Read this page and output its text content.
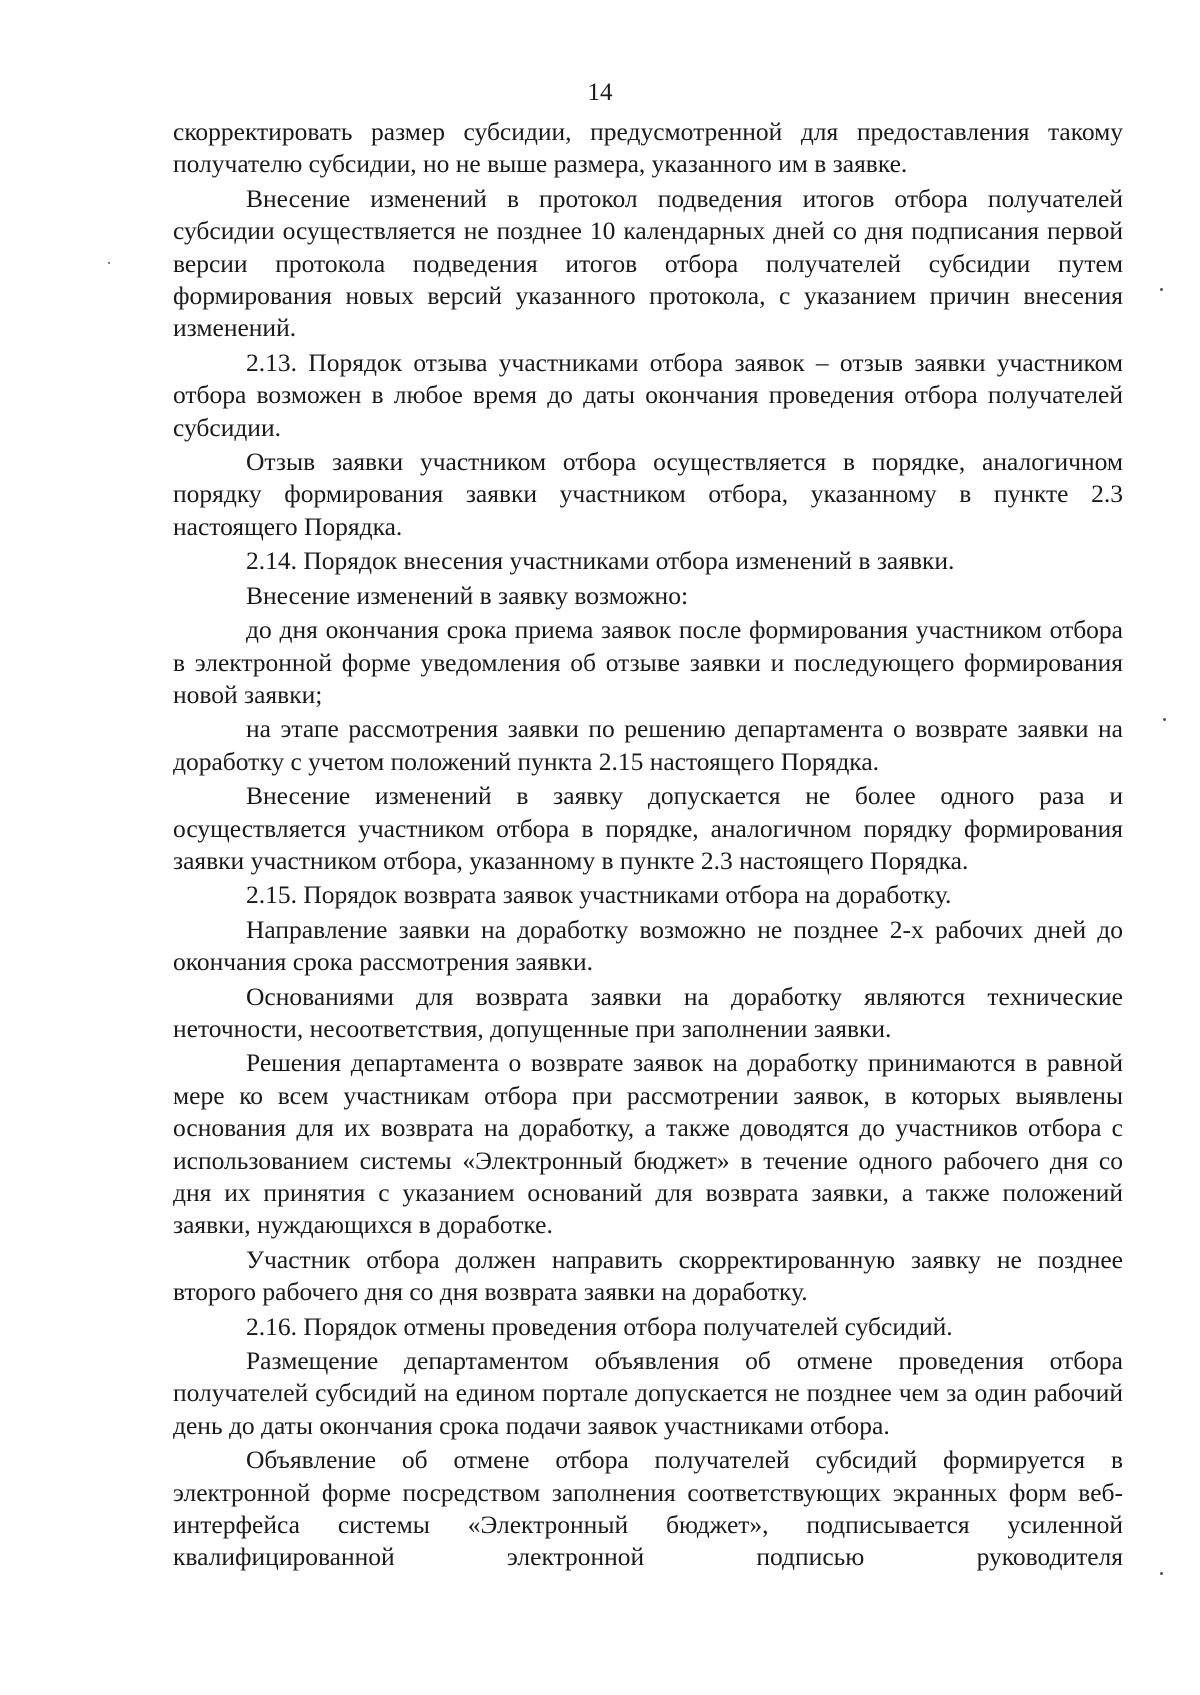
14

скорректировать размер субсидии, предусмотренной для предоставления такому получателю субсидии, но не выше размера, указанного им в заявке.

Внесение изменений в протокол подведения итогов отбора получателей субсидии осуществляется не позднее 10 календарных дней со дня подписания первой версии протокола подведения итогов отбора получателей субсидии путем формирования новых версий указанного протокола, с указанием причин внесения изменений.

2.13. Порядок отзыва участниками отбора заявок – отзыв заявки участником отбора возможен в любое время до даты окончания проведения отбора получателей субсидии.

Отзыв заявки участником отбора осуществляется в порядке, аналогичном порядку формирования заявки участником отбора, указанному в пункте 2.3 настоящего Порядка.

2.14. Порядок внесения участниками отбора изменений в заявки.

Внесение изменений в заявку возможно:

до дня окончания срока приема заявок после формирования участником отбора в электронной форме уведомления об отзыве заявки и последующего формирования новой заявки;

на этапе рассмотрения заявки по решению департамента о возврате заявки на доработку с учетом положений пункта 2.15 настоящего Порядка.

Внесение изменений в заявку допускается не более одного раза и осуществляется участником отбора в порядке, аналогичном порядку формирования заявки участником отбора, указанному в пункте 2.3 настоящего Порядка.

2.15. Порядок возврата заявок участниками отбора на доработку.

Направление заявки на доработку возможно не позднее 2-х рабочих дней до окончания срока рассмотрения заявки.

Основаниями для возврата заявки на доработку являются технические неточности, несоответствия, допущенные при заполнении заявки.

Решения департамента о возврате заявок на доработку принимаются в равной мере ко всем участникам отбора при рассмотрении заявок, в которых выявлены основания для их возврата на доработку, а также доводятся до участников отбора с использованием системы «Электронный бюджет» в течение одного рабочего дня со дня их принятия с указанием оснований для возврата заявки, а также положений заявки, нуждающихся в доработке.

Участник отбора должен направить скорректированную заявку не позднее второго рабочего дня со дня возврата заявки на доработку.

2.16. Порядок отмены проведения отбора получателей субсидий.

Размещение департаментом объявления об отмене проведения отбора получателей субсидий на едином портале допускается не позднее чем за один рабочий день до даты окончания срока подачи заявок участниками отбора.

Объявление об отмене отбора получателей субсидий формируется в электронной форме посредством заполнения соответствующих экранных форм веб-интерфейса системы «Электронный бюджет», подписывается усиленной квалифицированной электронной подписью руководителя
